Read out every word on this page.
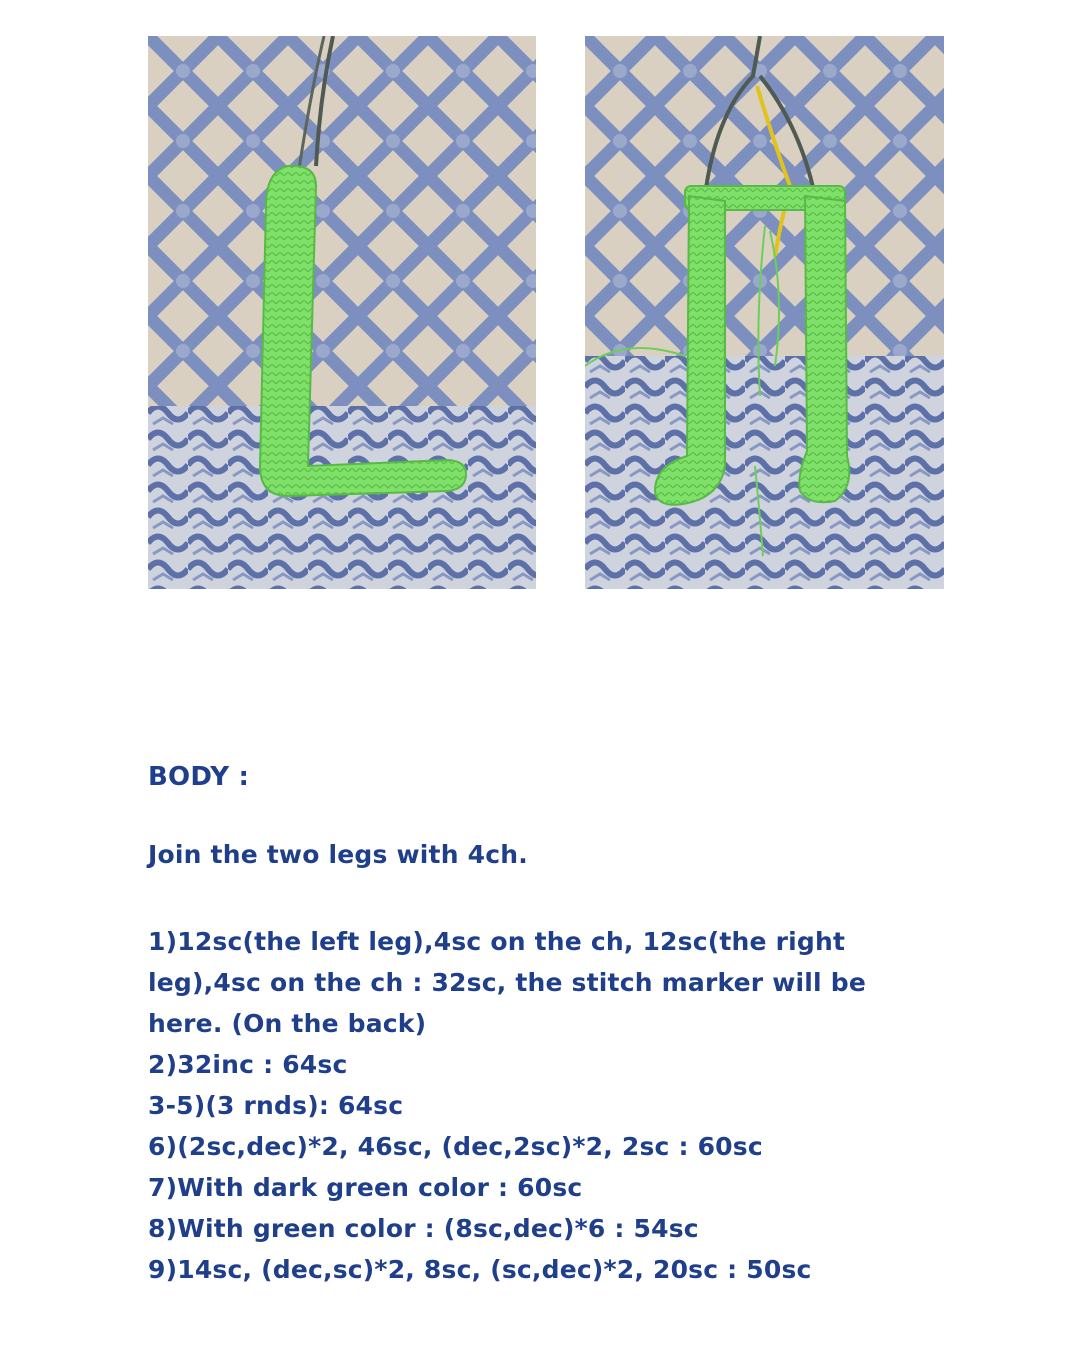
BODY :

Join the two legs with 4ch.

1)12sc(the left leg),4sc on the ch, 12sc(the right leg),4sc on the ch : 32sc, the stitch marker will be here. (On the back)
2)32inc : 64sc
3-5)(3 rnds): 64sc
6)(2sc,dec)*2, 46sc, (dec,2sc)*2, 2sc : 60sc
7)With dark green color : 60sc
8)With green color : (8sc,dec)*6 : 54sc
9)14sc, (dec,sc)*2, 8sc, (sc,dec)*2, 20sc : 50sc
